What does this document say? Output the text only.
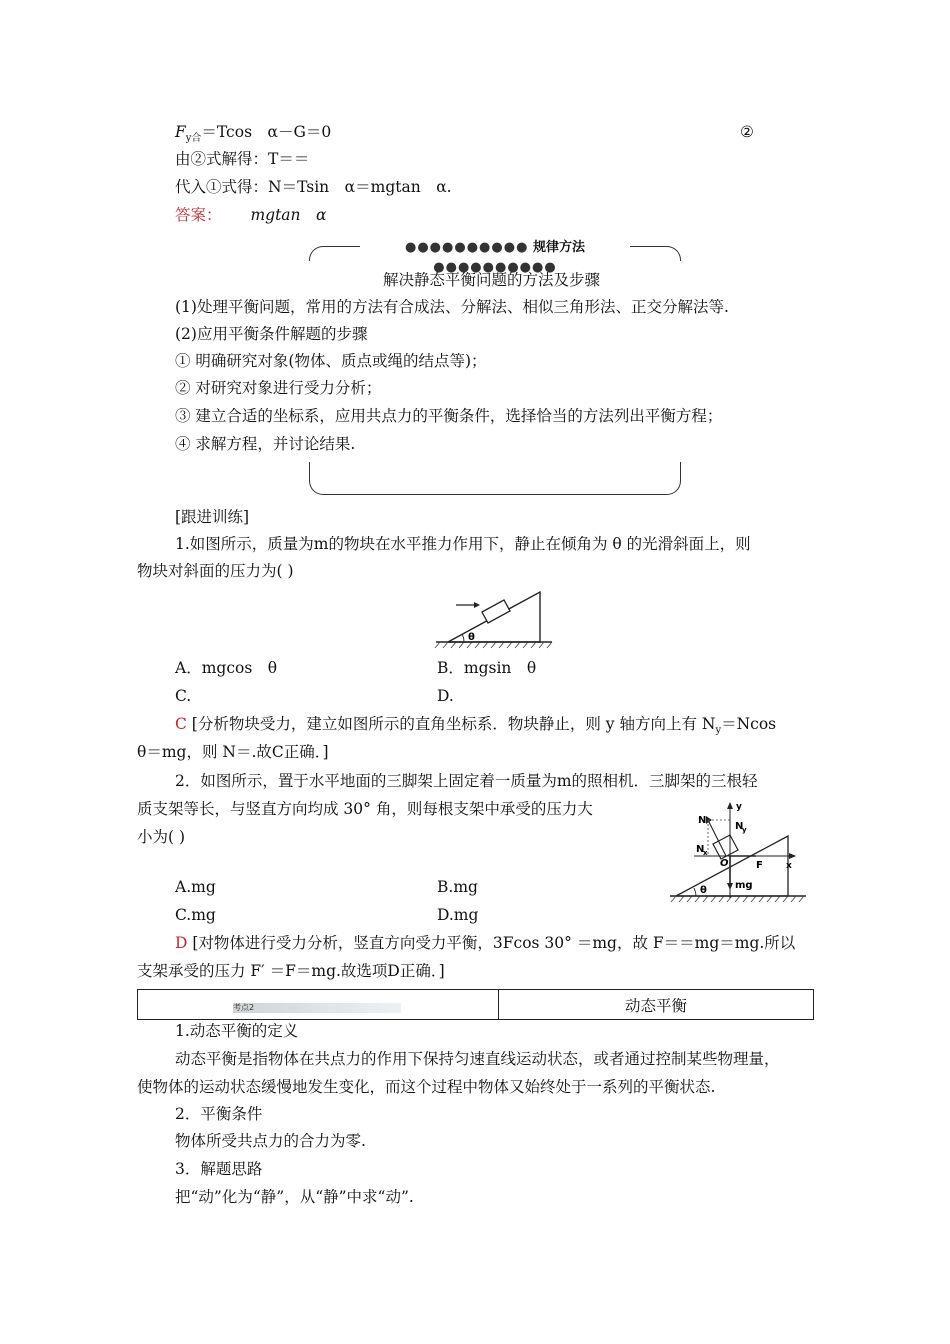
$F_{y合}=Tcos$　α－G＝0	②
由②式解得：T＝＝
代入①式得：N＝Tsin　α＝mgtan　α.
答案： mgtan　α
●●●●●●●●●● 规律方法 ●●●●●●●●●●
解决静态平衡问题的方法及步骤
(1)处理平衡问题，常用的方法有合成法、分解法、相似三角形法、正交分解法等.
(2)应用平衡条件解题的步骤
① 明确研究对象(物体、质点或绳的结点等)；
② 对研究对象进行受力分析；
③ 建立合适的坐标系，应用共点力的平衡条件，选择恰当的方法列出平衡方程；
④ 求解方程，并讨论结果.
[跟进训练]
1.如图所示，质量为m的物块在水平推力作用下，静止在倾角为 θ 的光滑斜面上，则
物块对斜面的压力为( )
θ
A．mgcos　θ	B．mgsin　θ
C.	D.
C [分析物块受力，建立如图所示的直角坐标系．物块静止，则 y 轴方向上有 $N_y=Ncos$
θ＝mg，则 N＝.故C正确．]
2．如图所示，置于水平地面的三脚架上固定着一质量为m的照相机．三脚架的三根轻
质支架等长，与竖直方向均成 30° 角，则每根支架中承受的压力大
小为( )
N
N
y
N
x
O	F	x
y
mg
θ
A.mg	B.mg
C.mg	D.mg
D [对物体进行受力分析，竖直方向受力平衡，3Fcos 30° ＝mg，故 F＝＝mg＝mg.所以
支架承受的压力 F′ ＝F＝mg.故选项D正确．]
考点2	动态平衡
1.动态平衡的定义
动态平衡是指物体在共点力的作用下保持匀速直线运动状态，或者通过控制某些物理量，
使物体的运动状态缓慢地发生变化，而这个过程中物体又始终处于一系列的平衡状态.
2．平衡条件
物体所受共点力的合力为零.
3．解题思路
把“动”化为“静”，从“静”中求“动”.
